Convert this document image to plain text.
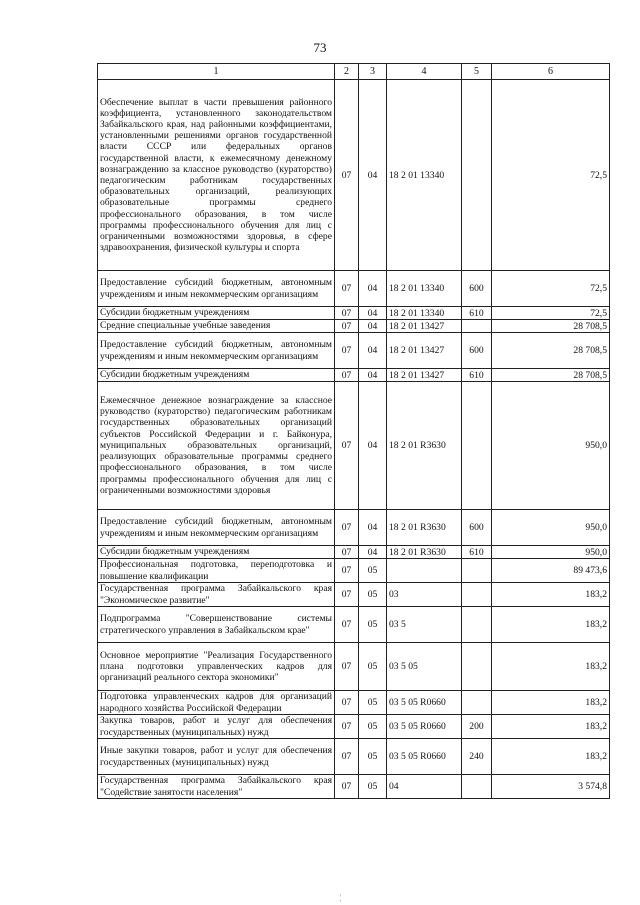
73
1	2	3	4	5	6
Обеспечение выплат в части превышения районного коэффициента, установленного законодательством Забайкальского края, над районными коэффициентами, установленными решениями органов государственной власти СССР или федеральных органов государственной власти, к ежемесячному денежному вознаграждению за классное руководство (кураторство) педагогическим работникам государственных образовательных организаций, реализующих образовательные программы среднего профессионального образования, в том числе программы профессионального обучения для лиц с ограниченными возможностями здоровья, в сфере здравоохранения, физической культуры и спорта	07	04	18 2 01 13340		72,5
Предоставление субсидий бюджетным, автономным учреждениям и иным некоммерческим организациям	07	04	18 2 01 13340	600	72,5
Субсидии бюджетным учреждениям	07	04	18 2 01 13340	610	72,5
Средние специальные учебные заведения	07	04	18 2 01 13427		28 708,5
Предоставление субсидий бюджетным, автономным учреждениям и иным некоммерческим организациям	07	04	18 2 01 13427	600	28 708,5
Субсидии бюджетным учреждениям	07	04	18 2 01 13427	610	28 708,5
Ежемесячное денежное вознаграждение за классное руководство (кураторство) педагогическим работникам государственных образовательных организаций субъектов Российской Федерации и г. Байконура, муниципальных образовательных организаций, реализующих образовательные программы среднего профессионального образования, в том числе программы профессионального обучения для лиц с ограниченными возможностями здоровья	07	04	18 2 01 R3630		950,0
Предоставление субсидий бюджетным, автономным учреждениям и иным некоммерческим организациям	07	04	18 2 01 R3630	600	950,0
Субсидии бюджетным учреждениям	07	04	18 2 01 R3630	610	950,0
Профессиональная подготовка, переподготовка и повышение квалификации	07	05			89 473,6
Государственная программа Забайкальского края "Экономическое развитие"	07	05	03		183,2
Подпрограмма "Совершенствование системы стратегического управления в Забайкальском крае"	07	05	03 5		183,2
Основное мероприятие "Реализация Государственного плана подготовки управленческих кадров для организаций реального сектора экономики"	07	05	03 5 05		183,2
Подготовка управленческих кадров для организаций народного хозяйства Российской Федерации	07	05	03 5 05 R0660		183,2
Закупка товаров, работ и услуг для обеспечения государственных (муниципальных) нужд	07	05	03 5 05 R0660	200	183,2
Иные закупки товаров, работ и услуг для обеспечения государственных (муниципальных) нужд	07	05	03 5 05 R0660	240	183,2
Государственная программа Забайкальского края "Содействие занятости населения"	07	05	04		3 574,8
¦
